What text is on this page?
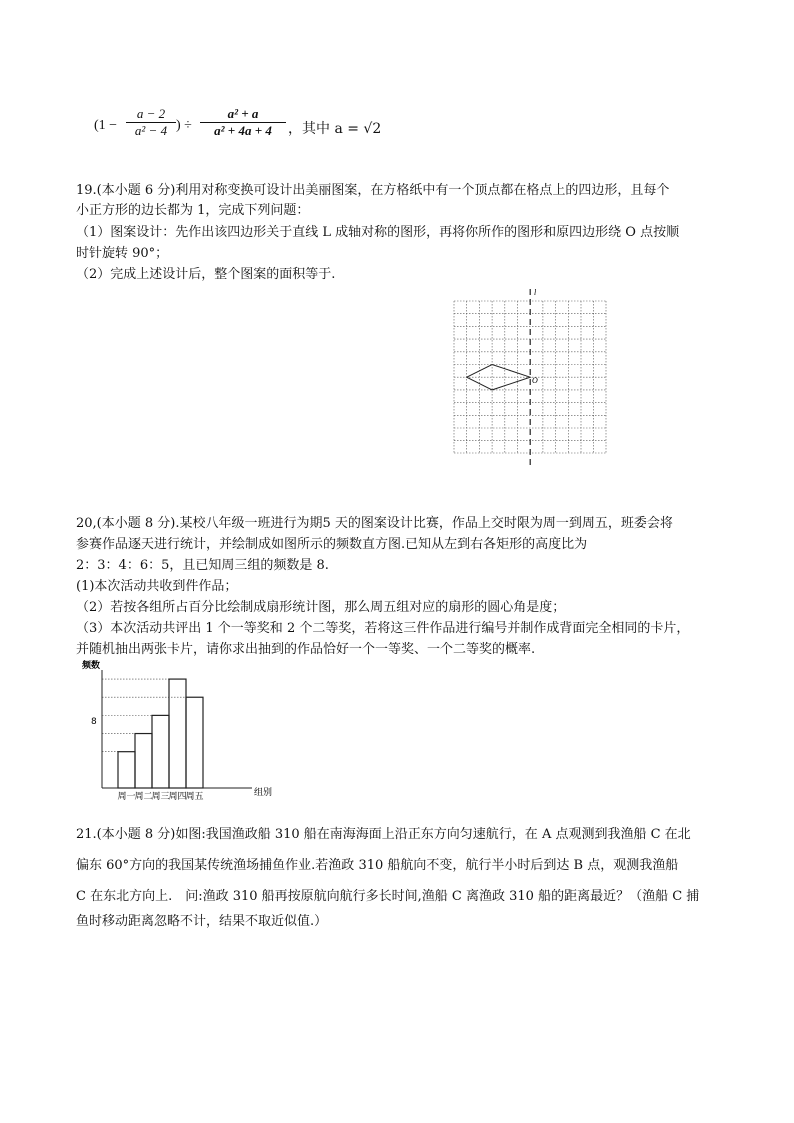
($1 - \frac{a - 2}{\text{a² − 4}}$ ) ÷ $\frac{\text{a² + a}}{\text{a² + 4a + 4}}$ ，其中 a = √2
19.(本小题 6 分)利用对称变换可设计出美丽图案，在方格纸中有一个顶点都在格点上的四边形，且每个
小正方形的边长都为 1，完成下列问题：
（1）图案设计：先作出该四边形关于直线 L 成轴对称的图形，再将你所作的图形和原四边形绕 O 点按顺
时针旋转 90°；
（2）完成上述设计后，整个图案的面积等于.
l
O
20,(本小题 8 分).某校八年级一班进行为期5 天的图案设计比赛，作品上交时限为周一到周五，班委会将
参赛作品逐天进行统计，并绘制成如图所示的频数直方图.已知从左到右各矩形的高度比为
2：3：4：6：5，且已知周三组的频数是 8.
(1)本次活动共收到件作品；
（2）若按各组所占百分比绘制成扇形统计图，那么周五组对应的扇形的圆心角是度；
（3）本次活动共评出 1 个一等奖和 2 个二等奖，若将这三件作品进行编号并制作成背面完全相同的卡片，
并随机抽出两张卡片，请你求出抽到的作品恰好一个一等奖、一个二等奖的概率.
周一
周二
周三
周四
周五
频数
8
组别
21.(本小题 8 分)如图:我国渔政船 310 船在南海海面上沿正东方向匀速航行，在 A 点观测到我渔船 C 在北
偏东 60°方向的我国某传统渔场捕鱼作业.若渔政 310 船航向不变，航行半小时后到达 B 点，观测我渔船
C 在东北方向上.　问:渔政 310 船再按原航向航行多长时间,渔船 C 离渔政 310 船的距离最近？（渔船 C 捕
鱼时移动距离忽略不计，结果不取近似值.）
